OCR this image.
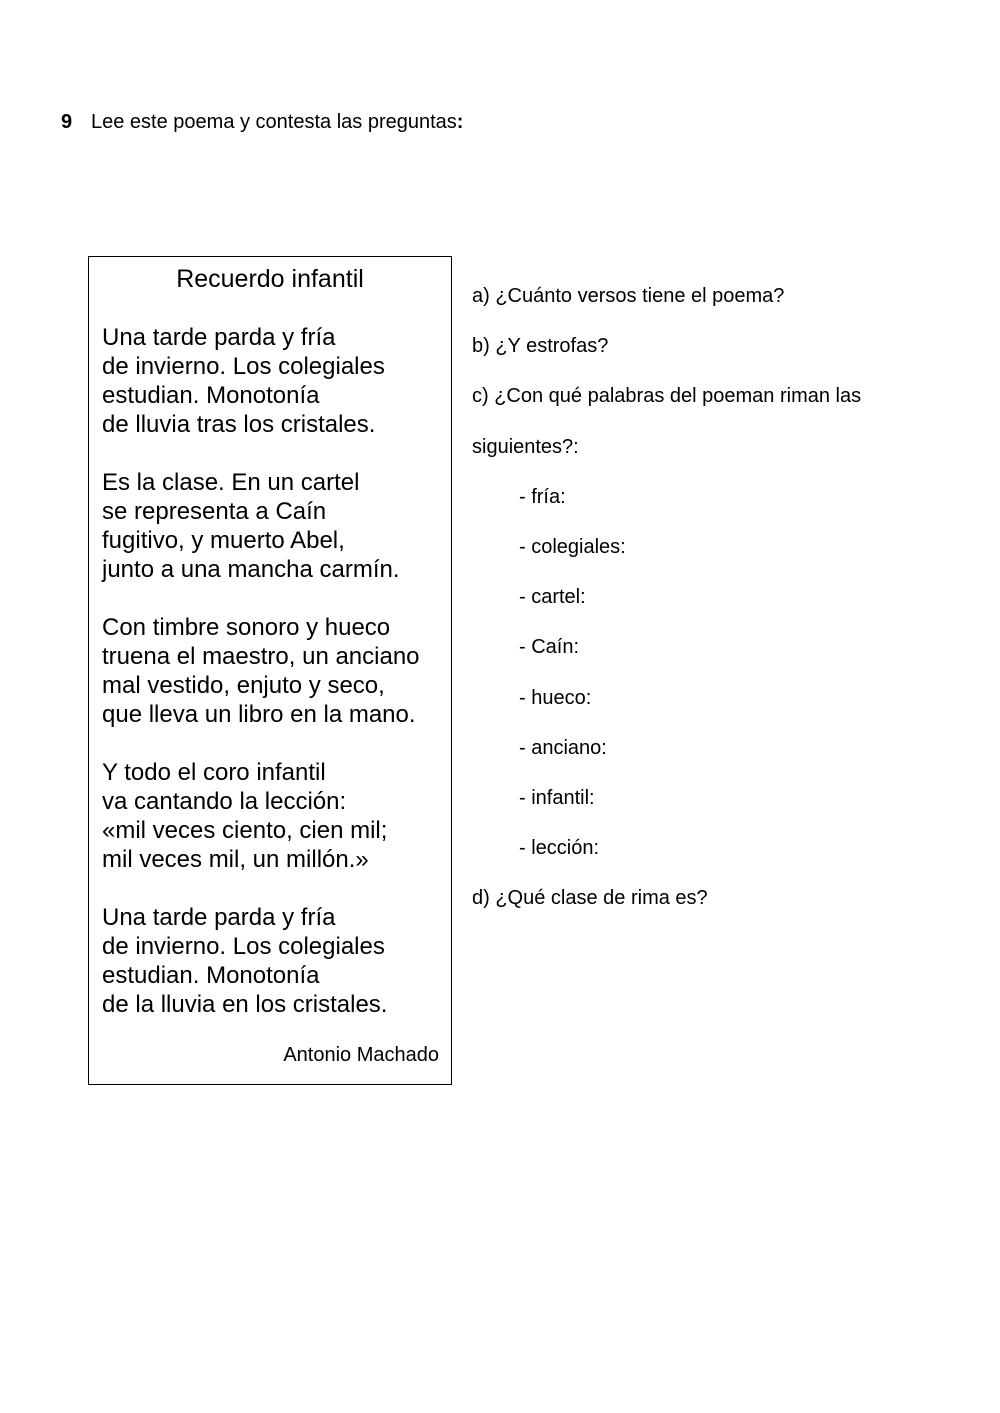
9 Lee este poema y contesta las preguntas:
Recuerdo infantil
Una tarde parda y fría
de invierno. Los colegiales
estudian. Monotonía
de lluvia tras los cristales.
Es la clase. En un cartel
se representa a Caín
fugitivo, y muerto Abel,
junto a una mancha carmín.
Con timbre sonoro y hueco
truena el maestro, un anciano
mal vestido, enjuto y seco,
que lleva un libro en la mano.
Y todo el coro infantil
va cantando la lección:
«mil veces ciento, cien mil;
mil veces mil, un millón.»
Una tarde parda y fría
de invierno. Los colegiales
estudian. Monotonía
de la lluvia en los cristales.
Antonio Machado
a) ¿Cuánto versos tiene el poema?
b) ¿Y estrofas?
c) ¿Con qué palabras del poeman riman las
siguientes?:
- fría:
- colegiales:
- cartel:
- Caín:
- hueco:
- anciano:
- infantil:
- lección:
d) ¿Qué clase de rima es?
